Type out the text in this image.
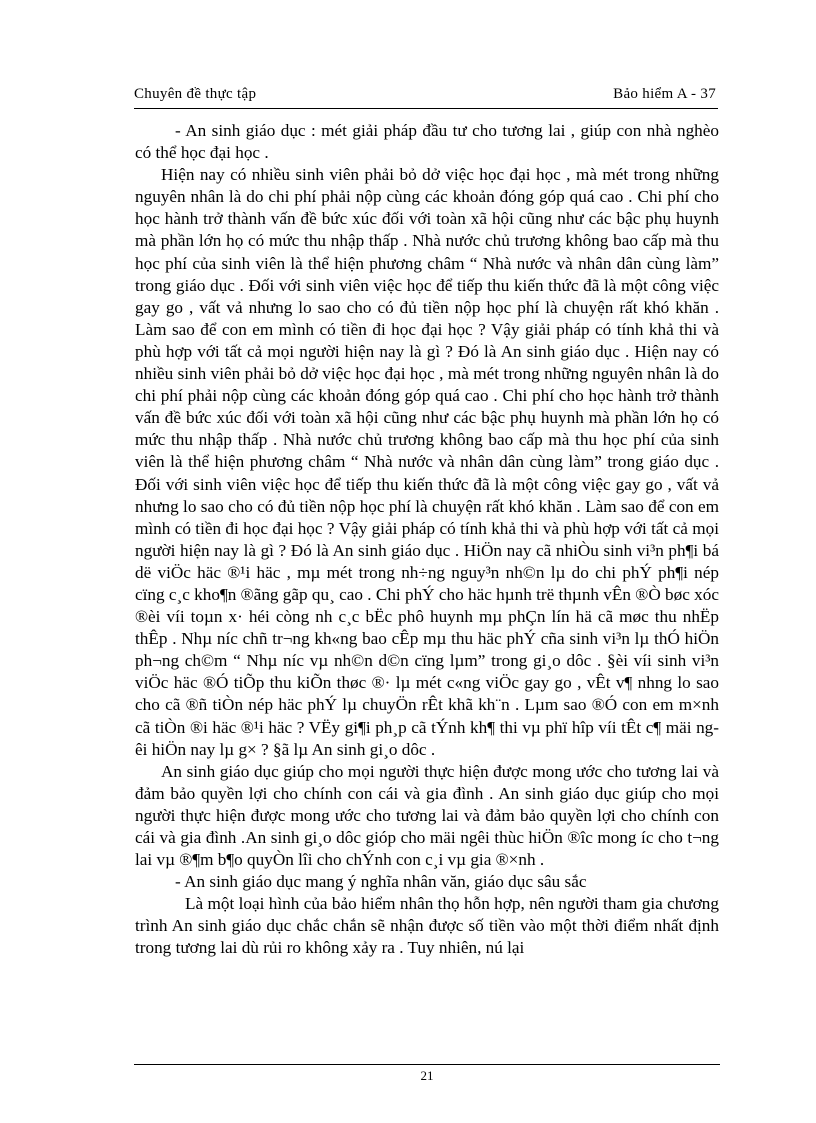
Chuyên đề thực tập	Bảo hiểm A - 37

- An sinh giáo dục : mét giải pháp đầu tư cho tương lai , giúp con nhà nghèo có thể học đại học .

Hiện nay có nhiều sinh viên phải bỏ dở việc học đại học , mà mét trong những nguyên nhân là do chi phí phải nộp cùng các khoản đóng góp quá cao . Chi phí cho học hành trở thành vấn đề bức xúc đối với toàn xã hội cũng như các bậc phụ huynh mà phần lớn họ có mức thu nhập thấp . Nhà nước chủ trương không bao cấp mà thu học phí của sinh viên là thể hiện phương châm “ Nhà nước và nhân dân cùng làm” trong giáo dục . Đối với sinh viên việc học để tiếp thu kiến thức đã là một công việc gay go , vất vả nhưng lo sao cho có đủ tiền nộp học phí là chuyện rất khó khăn . Làm sao để con em mình có tiền đi học đại học ? Vậy giải pháp có tính khả thi và phù hợp với tất cả mọi người hiện nay là gì ? Đó là An sinh giáo dục . Hiện nay có nhiều sinh viên phải bỏ dở việc học đại học , mà mét trong những nguyên nhân là do chi phí phải nộp cùng các khoản đóng góp quá cao . Chi phí cho học hành trở thành vấn đề bức xúc đối với toàn xã hội cũng như các bậc phụ huynh mà phần lớn họ có mức thu nhập thấp . Nhà nước chủ trương không bao cấp mà thu học phí của sinh viên là thể hiện phương châm “ Nhà nước và nhân dân cùng làm” trong giáo dục . Đối với sinh viên việc học để tiếp thu kiến thức đã là một công việc gay go , vất vả nhưng lo sao cho có đủ tiền nộp học phí là chuyện rất khó khăn . Làm sao để con em mình có tiền đi học đại học ? Vậy giải pháp có tính khả thi và phù hợp với tất cả mọi người hiện nay là gì ? Đó là An sinh giáo dục . HiÖn nay cã nhiÒu sinh vi³n ph¶i bá dë viÖc häc ®¹i häc , mµ mét trong nh÷ng nguy³n nh©n lµ do chi phÝ ph¶i nép cïng c¸c kho¶n ®ãng gãp qu¸ cao . Chi phÝ cho häc hµnh trë thµnh vÊn ®Ò bøc xóc ®èi víi toµn x· héi còng nh c¸c bËc phô huynh mµ phÇn lín hä cã møc thu nhËp thÊp . Nhµ níc chñ tr¬ng kh«ng bao cÊp mµ thu häc phÝ cña sinh vi³n lµ thÓ hiÖn ph¬ng ch©m “ Nhµ níc vµ nh©n d©n cïng lµm” trong gi¸o dôc . §èi víi sinh vi³n viÖc häc ®Ó tiÕp thu kiÕn thøc ®· lµ mét c«ng viÖc gay go , vÊt v¶ nhng lo sao cho cã ®ñ tiÒn nép häc phÝ lµ chuyÖn rÊt khã kh¨n . Lµm sao ®Ó con em m×nh cã tiÒn ®i häc ®¹i häc ? VËy gi¶i ph¸p cã tÝnh kh¶ thi vµ phï hîp víi tÊt c¶ mäi ngêi hiÖn nay lµ g× ? §ã lµ An sinh gi¸o dôc .

An sinh giáo dục giúp cho mọi người thực hiện được mong ước cho tương lai và đảm bảo quyền lợi cho chính con cái và gia đình . An sinh giáo dục giúp cho mọi người thực hiện được mong ước cho tương lai và đảm bảo quyền lợi cho chính con cái và gia đình .An sinh gi¸o dôc gióp cho mäi ngêi thùc hiÖn ®îc mong íc cho t¬ng lai vµ ®¶m b¶o quyÒn lîi cho chÝnh con c¸i vµ gia ®×nh .

- An sinh giáo dục mang ý nghĩa nhân văn, giáo dục sâu sắc

Là một loại hình của bảo hiểm nhân thọ hỗn hợp, nên người tham gia chương trình An sinh giáo dục chắc chắn sẽ nhận được số tiền vào một thời điểm nhất định trong tương lai dù rủi ro không xảy ra . Tuy nhiên, nú lại

21
